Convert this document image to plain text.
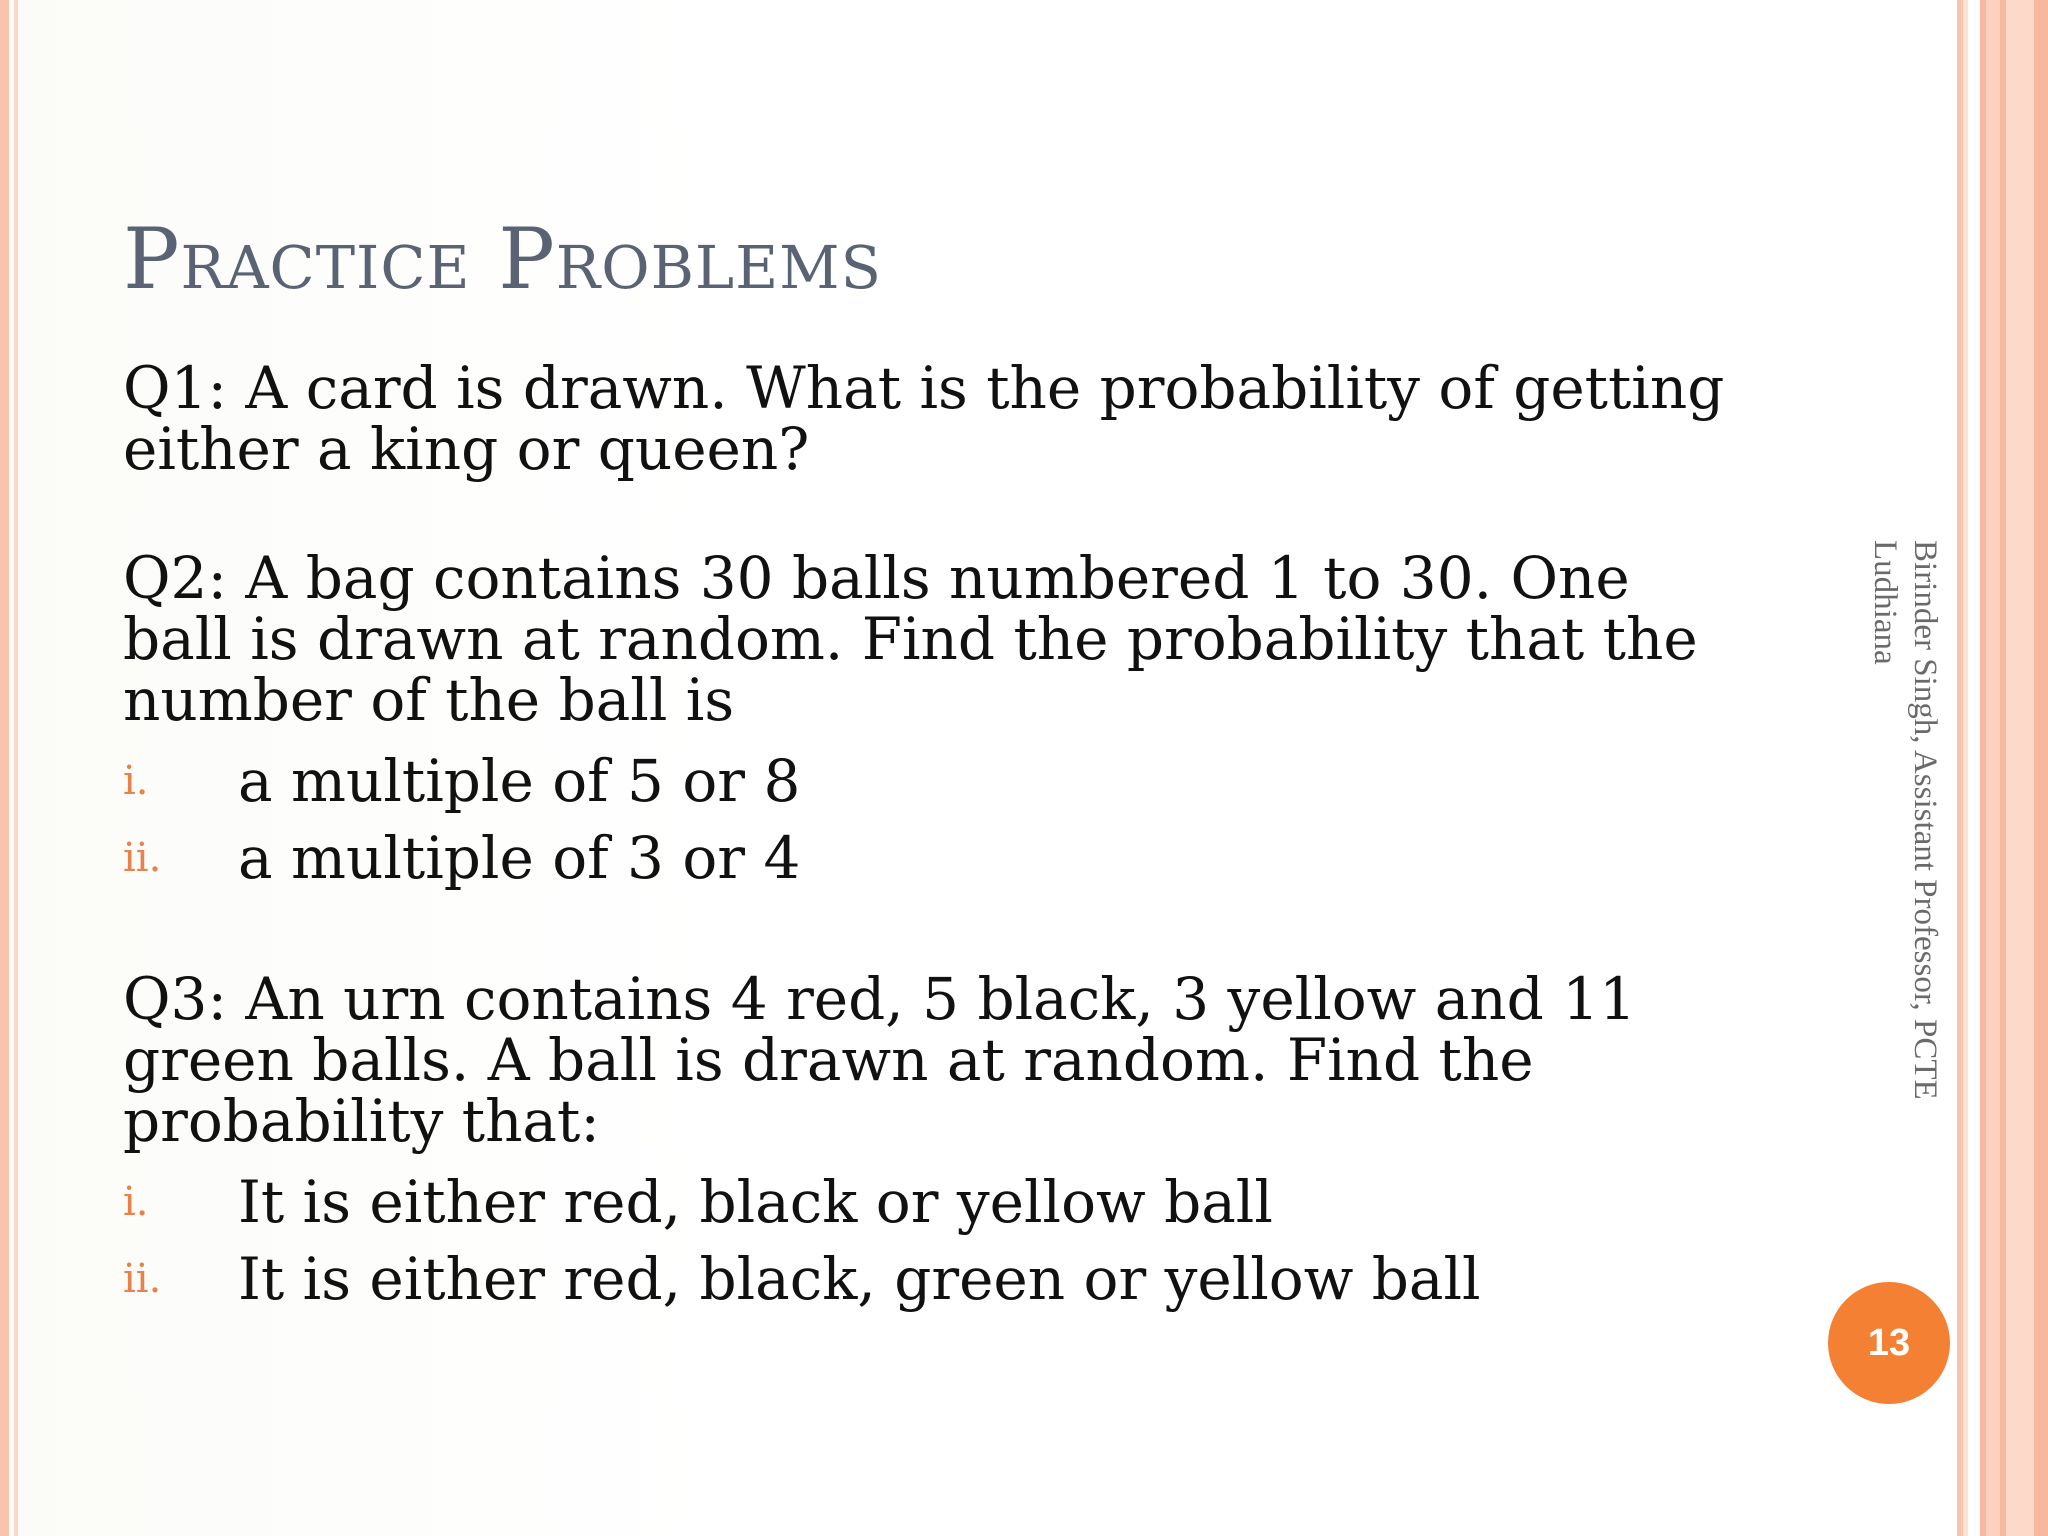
Practice Problems

Q1: A card is drawn. What is the probability of getting either a king or queen?

Q2: A bag contains 30 balls numbered 1 to 30. One ball is drawn at random. Find the probability that the number of the ball is

i. a multiple of 5 or 8
ii. a multiple of 3 or 4

Q3: An urn contains 4 red, 5 black, 3 yellow and 11 green balls. A ball is drawn at random. Find the probability that:

i. It is either red, black or yellow ball
ii. It is either red, black, green or yellow ball
Birinder Singh, Assistant Professor, PCTE Ludhiana
13
